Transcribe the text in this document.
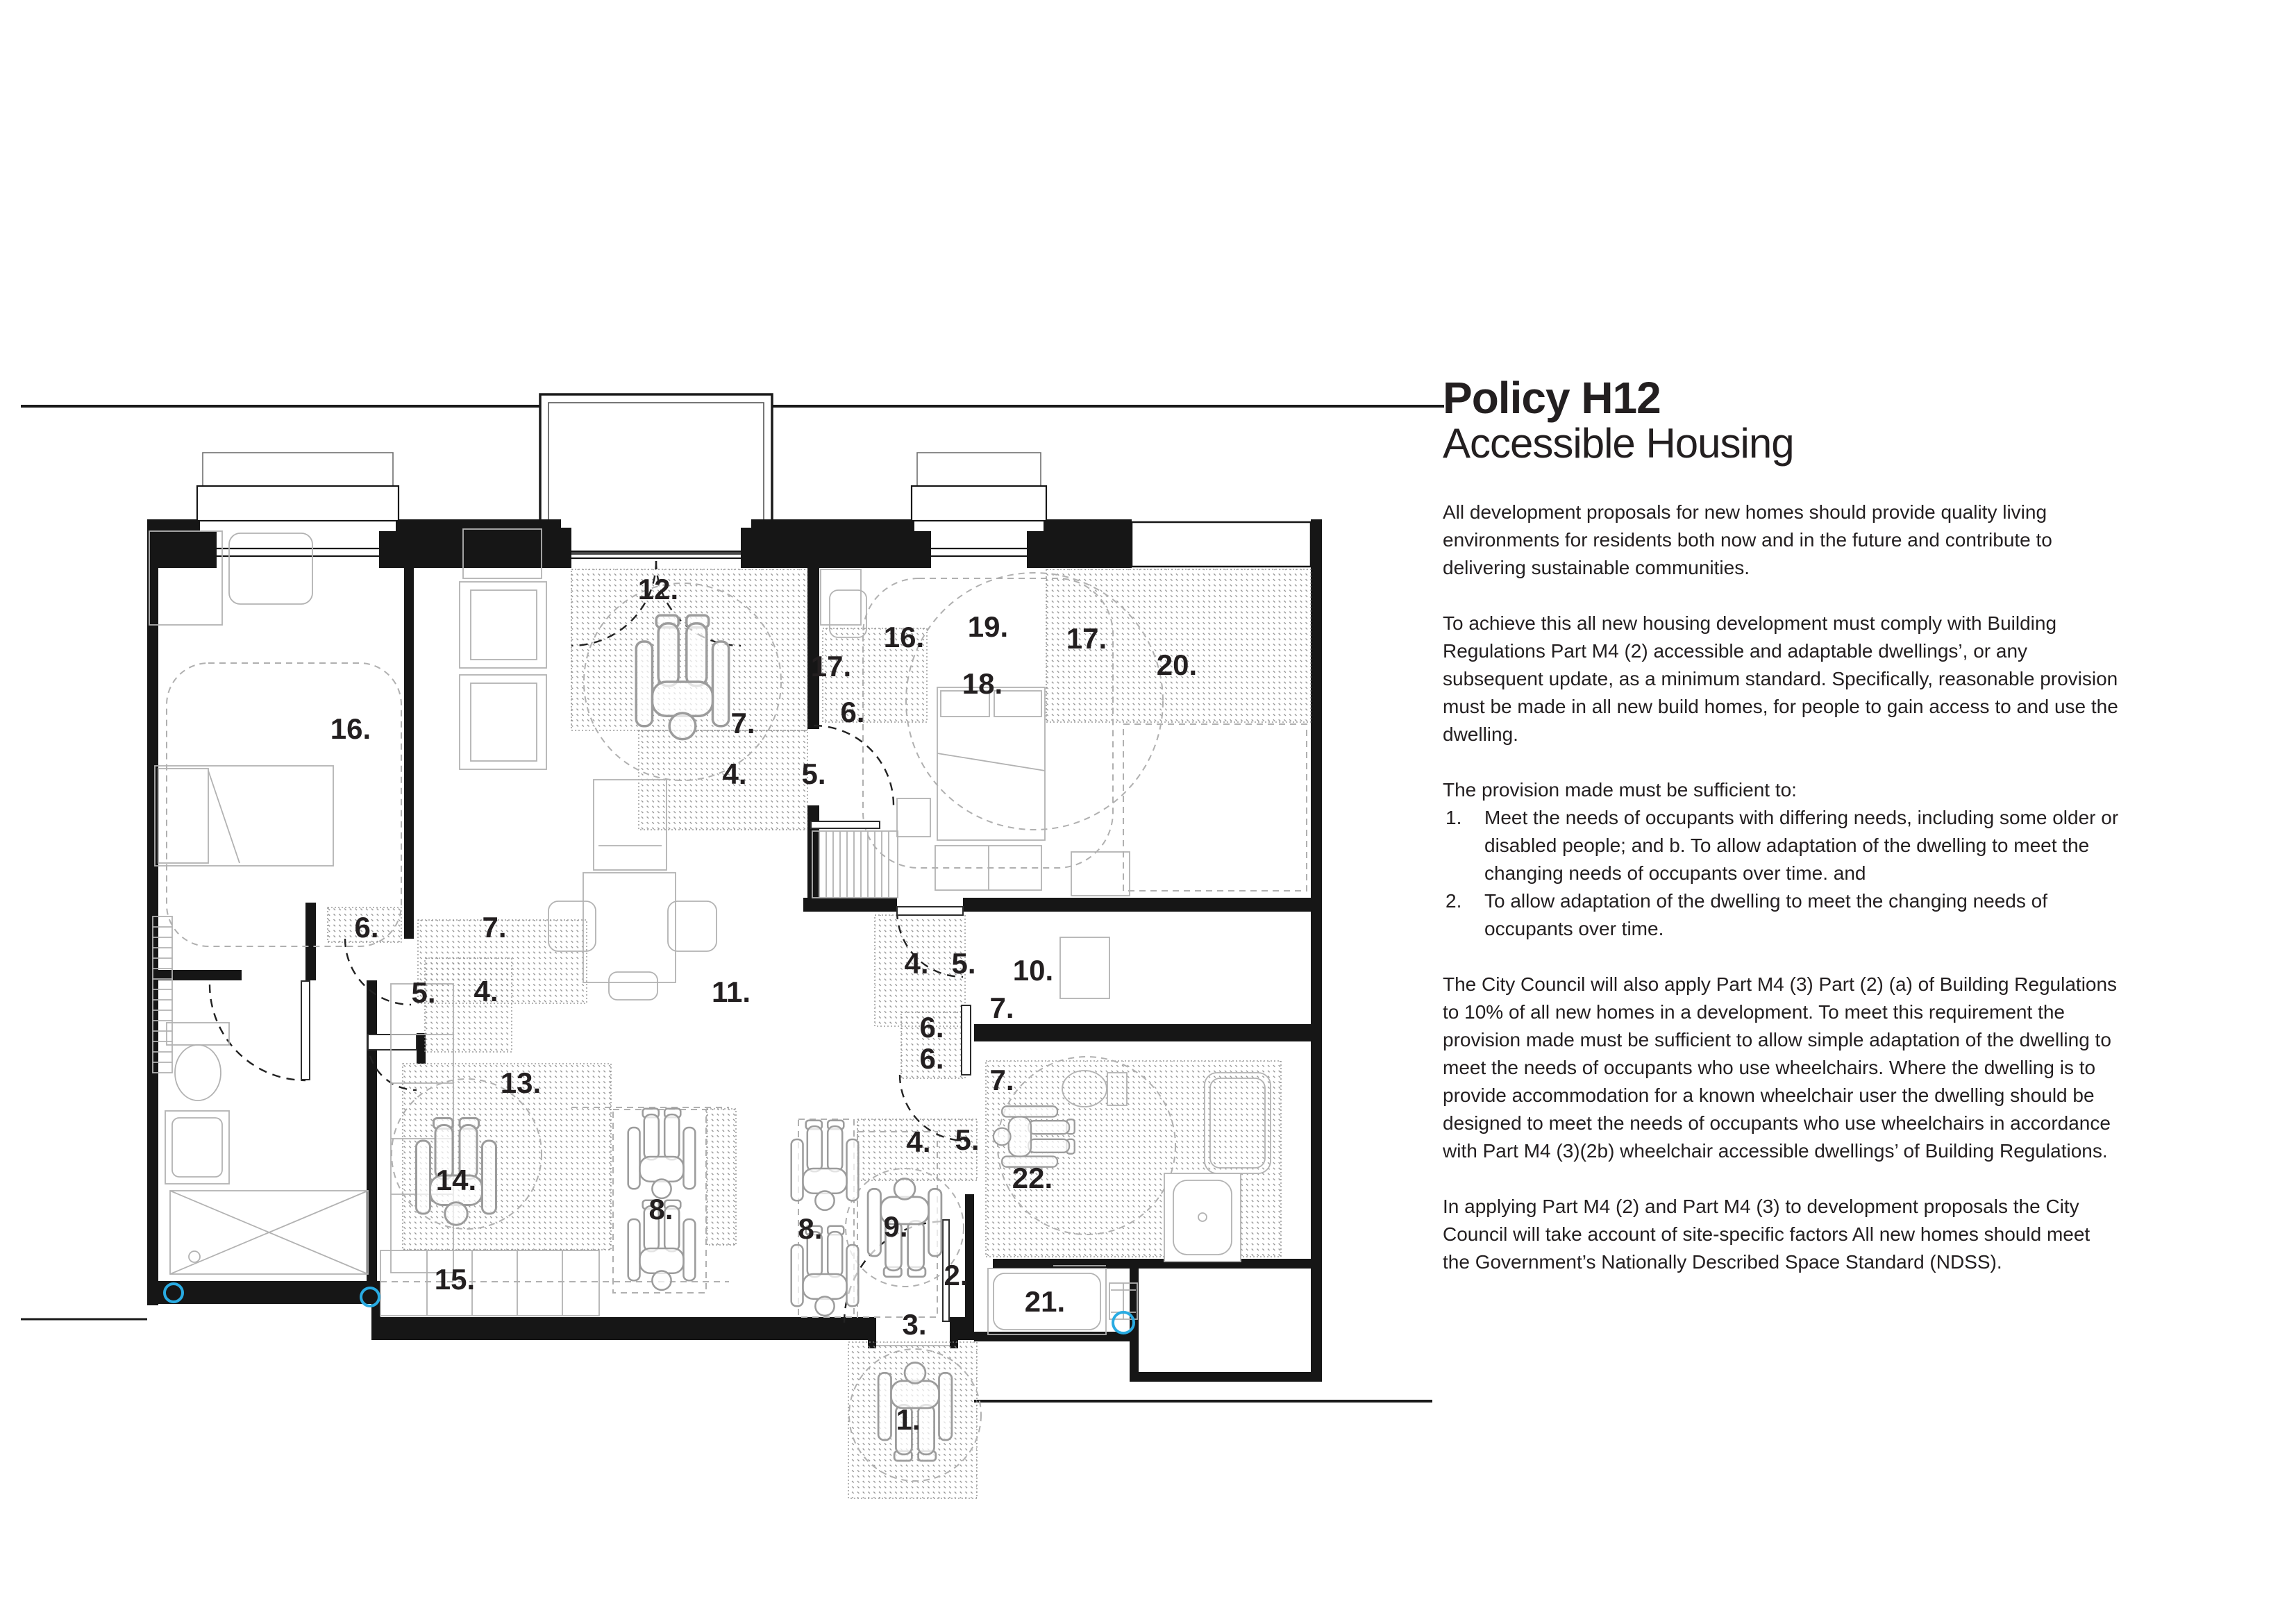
12.
16. 19. 17.
16.	7.	6.
4. 5.
17.
18.
20.
6.	7.
5. 4.	11.
4. 5. 10.
7.
6.
6.
7.
13.
4. 5.
22.
14.
8.
8. 9.
2.
21.
15.
3.
1.
Policy H12
Accessible Housing

All development proposals for new homes should provide quality living environments for residents both now and in the future and contribute to delivering sustainable communities.

To achieve this all new housing development must comply with Building Regulations Part M4 (2) accessible and adaptable dwellings’, or any subsequent update, as a minimum standard. Specifically, reasonable provision must be made in all new build homes, for people to gain access to and use the dwelling.

The provision made must be sufficient to:

1. Meet the needs of occupants with differing needs, including some older or disabled people; and b. To allow adaptation of the dwelling to meet the changing needs of occupants over time. and
2. To allow adaptation of the dwelling to meet the changing needs of occupants over time.

The City Council will also apply Part M4 (3) Part (2) (a) of Building Regulations to 10% of all new homes in a development. To meet this requirement the provision made must be sufficient to allow simple adaptation of the dwelling to meet the needs of occupants who use wheelchairs. Where the dwelling is to provide accommodation for a known wheelchair user the dwelling should be designed to meet the needs of occupants who use wheelchairs in accordance with Part M4 (3)(2b) wheelchair accessible dwellings’ of Building Regulations.

In applying Part M4 (2) and Part M4 (3) to development proposals the City Council will take account of site-specific factors All new homes should meet the Government’s Nationally Described Space Standard (NDSS).
